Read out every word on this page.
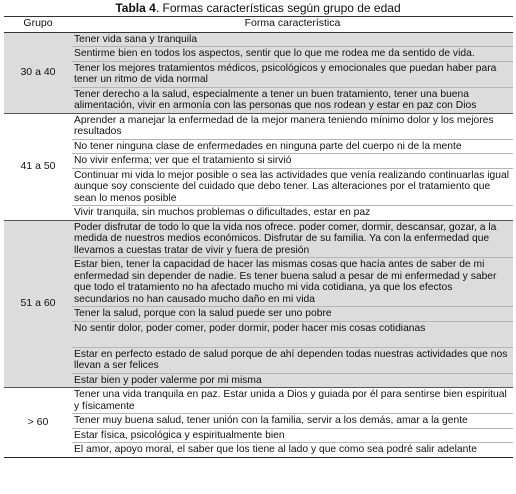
Tabla 4. Formas características según grupo de edad
Grupo	Forma característica
30 a 40	Tener vida sana y tranquila
	Sentirme bien en todos los aspectos, sentir que lo que me rodea me da sentido de vida.
	Tener los mejores tratamientos médicos, psicológicos y emocionales que puedan haber para tener un ritmo de vida normal
	Tener derecho a la salud, especialmente a tener un buen tratamiento, tener una buena alimentación, vivir en armonía con las personas que nos rodean y estar en paz con Dios
41 a 50	Aprender a manejar la enfermedad de la mejor manera teniendo mínimo dolor y los mejores resultados
	No tener ninguna clase de enfermedades en ninguna parte del cuerpo ni de la mente
	No vivir enferma; ver que el tratamiento si sirvió
	Continuar mi vida lo mejor posible o sea las actividades que venía realizando continuarlas igual aunque soy consciente del cuidado que debo tener. Las alteraciones por el tratamiento que sean lo menos posible
	Vivir tranquila, sin muchos problemas o dificultades, estar en paz
51 a 60	Poder disfrutar de todo lo que la vida nos ofrece. poder comer, dormir, descansar, gozar, a la medida de nuestros medios económicos. Disfrutar de su familia. Ya con la enfermedad que llevamos a cuestas tratar de vivir y fuera de presión
	Estar bien, tener la capacidad de hacer las mismas cosas que hacía antes de saber de mi enfermedad sin depender de nadie. Es tener buena salud a pesar de mi enfermedad y saber que todo el tratamiento no ha afectado mucho mi vida cotidiana, ya que los efectos secundarios no han causado mucho daño en mi vida
	Tener la salud, porque con la salud puede ser uno pobre
	No sentir dolor, poder comer, poder dormir, poder hacer mis cosas cotidianas
	Estar en perfecto estado de salud porque de ahí dependen todas nuestras actividades que nos llevan a ser felices
	Estar bien y poder valerme por mi misma
> 60	Tener una vida tranquila en paz. Estar unida a Dios y guiada por él para sentirse bien espiritual y físicamente
	Tener muy buena salud, tener unión con la familia, servir a los demás, amar a la gente
	Estar física, psicológica y espiritualmente bien
	El amor, apoyo moral, el saber que los tiene al lado y que como sea podré salir adelante
